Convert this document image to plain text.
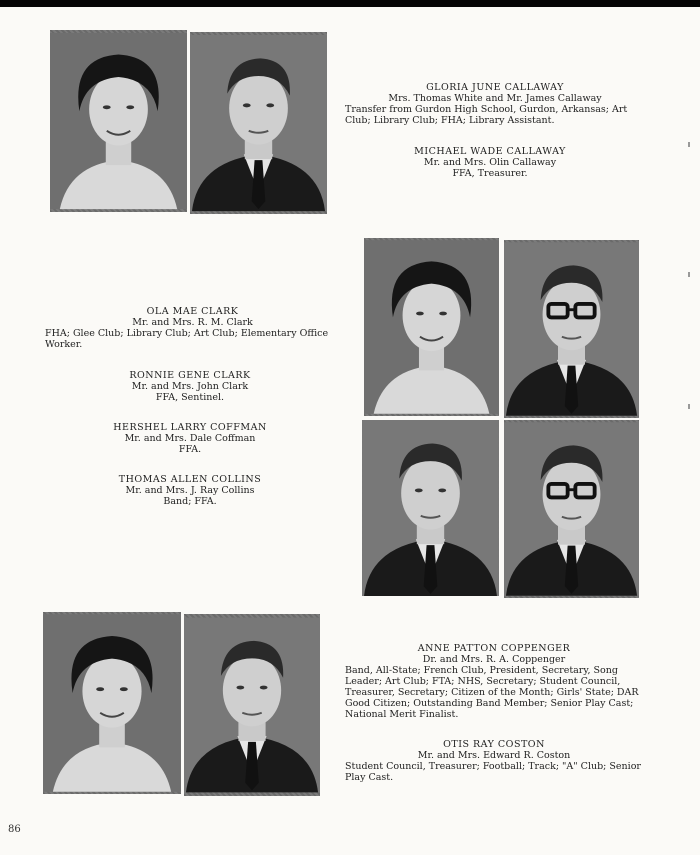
GLORIA JUNE CALLAWAY
Mrs. Thomas White and Mr. James Callaway
Transfer from Gurdon High School, Gurdon, Arkansas; Art Club; Library Club; FHA; Library Assistant.
MICHAEL WADE CALLAWAY
Mr. and Mrs. Olin Callaway
FFA, Treasurer.
OLA MAE CLARK
Mr. and Mrs. R. M. Clark
FHA; Glee Club; Library Club; Art Club; Elementary Office Worker.
RONNIE GENE CLARK
Mr. and Mrs. John Clark
FFA, Sentinel.
HERSHEL LARRY COFFMAN
Mr. and Mrs. Dale Coffman
FFA.
THOMAS ALLEN COLLINS
Mr. and Mrs. J. Ray Collins
Band; FFA.
ANNE PATTON COPPENGER
Dr. and Mrs. R. A. Coppenger
Band, All-State; French Club, President, Secretary, Song Leader; Art Club; FTA; NHS, Secretary; Student Council, Treasurer, Secretary; Citizen of the Month; Girls' State; DAR Good Citizen; Outstanding Band Member; Senior Play Cast; National Merit Finalist.
OTIS RAY COSTON
Mr. and Mrs. Edward R. Coston
Student Council, Treasurer; Football; Track; "A" Club; Senior Play Cast.
86
